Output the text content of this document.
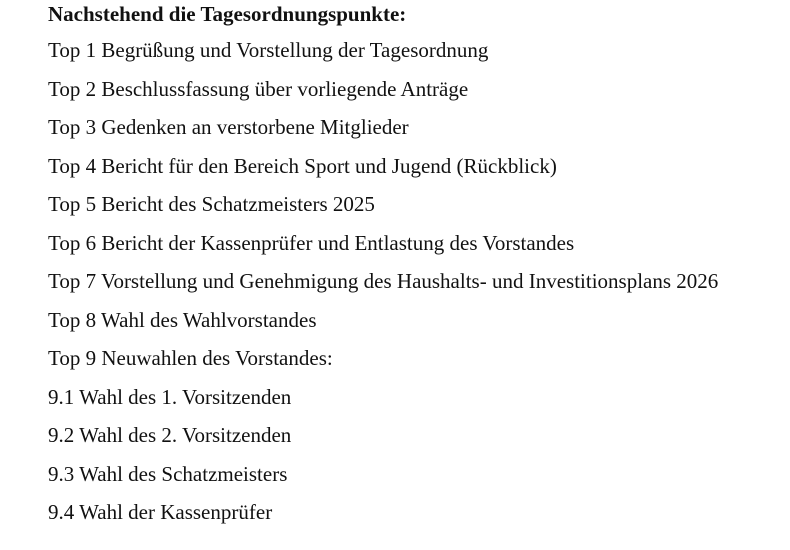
Nachstehend die Tagesordnungspunkte:

Top 1 Begrüßung und Vorstellung der Tagesordnung
Top 2 Beschlussfassung über vorliegende Anträge
Top 3 Gedenken an verstorbene Mitglieder
Top 4 Bericht für den Bereich Sport und Jugend (Rückblick)
Top 5 Bericht des Schatzmeisters 2025
Top 6 Bericht der Kassenprüfer und Entlastung des Vorstandes
Top 7 Vorstellung und Genehmigung des Haushalts- und Investitionsplans 2026
Top 8 Wahl des Wahlvorstandes
Top 9 Neuwahlen des Vorstandes:
9.1 Wahl des 1. Vorsitzenden
9.2 Wahl des 2. Vorsitzenden
9.3 Wahl des Schatzmeisters
9.4 Wahl der Kassenprüfer
